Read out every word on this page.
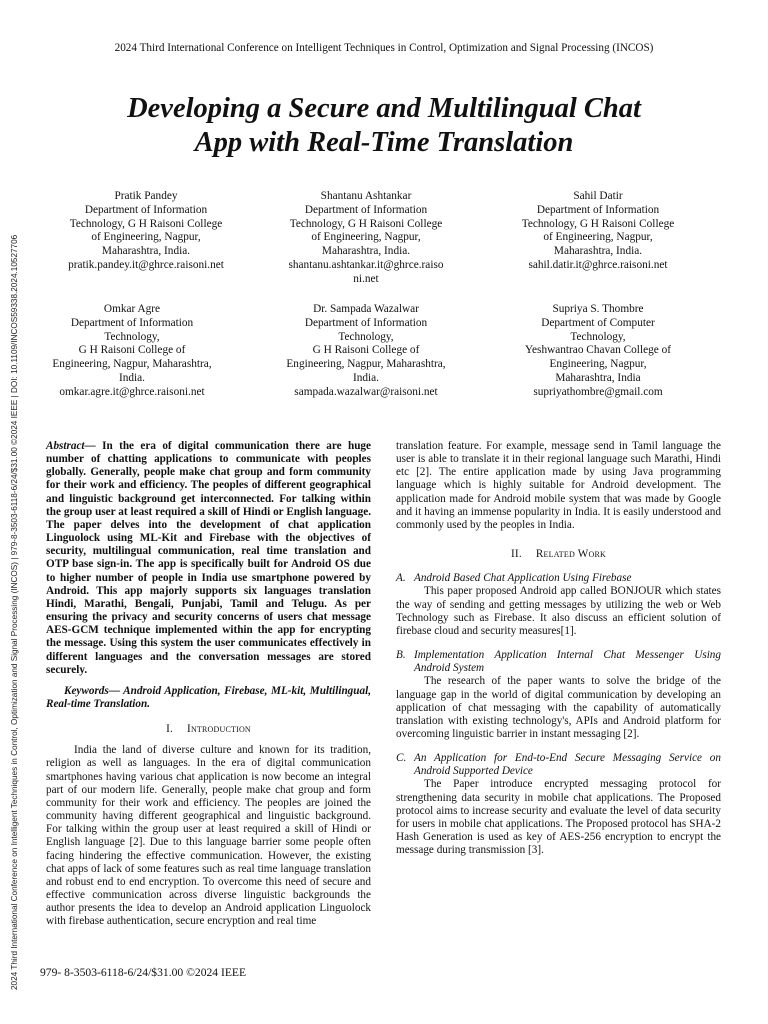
2024 Third International Conference on Intelligent Techniques in Control, Optimization and Signal Processing (INCOS) | 979-8-3503-6118-6/24/$31.00 ©2024 IEEE | DOI: 10.1109/INCOS59338.2024.10527706
2024 Third International Conference on Intelligent Techniques in Control, Optimization and Signal Processing (INCOS)
Developing a Secure and Multilingual Chat
App with Real-Time Translation
Pratik Pandey
Department of Information
Technology, G H Raisoni College
of Engineering, Nagpur,
Maharashtra, India.
pratik.pandey.it@ghrce.raisoni.net
Shantanu Ashtankar
Department of Information
Technology, G H Raisoni College
of Engineering, Nagpur,
Maharashtra, India.
shantanu.ashtankar.it@ghrce.raiso
ni.net
Sahil Datir
Department of Information
Technology, G H Raisoni College
of Engineering, Nagpur,
Maharashtra, India.
sahil.datir.it@ghrce.raisoni.net
Omkar Agre
Department of Information
Technology,
G H Raisoni College of
Engineering, Nagpur, Maharashtra,
India.
omkar.agre.it@ghrce.raisoni.net
Dr. Sampada Wazalwar
Department of Information
Technology,
G H Raisoni College of
Engineering, Nagpur, Maharashtra,
India.
sampada.wazalwar@raisoni.net
Supriya S. Thombre
Department of Computer
Technology,
Yeshwantrao Chavan College of
Engineering, Nagpur,
Maharashtra, India
supriyathombre@gmail.com

Abstract— In the era of digital communication there are huge number of chatting applications to communicate with peoples globally. Generally, people make chat group and form community for their work and efficiency. The peoples of different geographical and linguistic background get interconnected. For talking within the group user at least required a skill of Hindi or English language. The paper delves into the development of chat application Linguolock using ML-Kit and Firebase with the objectives of security, multilingual communication, real time translation and OTP base sign-in. The app is specifically built for Android OS due to higher number of people in India use smartphone powered by Android. This app majorly supports six languages translation Hindi, Marathi, Bengali, Punjabi, Tamil and Telugu. As per ensuring the privacy and security concerns of users chat message AES-GCM technique implemented within the app for encrypting the message. Using this system the user communicates effectively in different languages and the conversation messages are stored securely.

Keywords— Android Application, Firebase, ML-kit, Multilingual, Real-time Translation.

I. Introduction

India the land of diverse culture and known for its tradition, religion as well as languages. In the era of digital communication smartphones having various chat application is now become an integral part of our modern life. Generally, people make chat group and form community for their work and efficiency. The peoples are joined the community having different geographical and linguistic background. For talking within the group user at least required a skill of Hindi or English language [2]. Due to this language barrier some people often facing hindering the effective communication. However, the existing chat apps of lack of some features such as real time language translation and robust end to end encryption. To overcome this need of secure and effective communication across diverse linguistic backgrounds the author presents the idea to develop an Android application Linguolock with firebase authentication, secure encryption and real time

translation feature. For example, message send in Tamil language the user is able to translate it in their regional language such Marathi, Hindi etc [2]. The entire application made by using Java programming language which is highly suitable for Android development. The application made for Android mobile system that was made by Google and it having an immense popularity in India. It is easily understood and commonly used by the peoples in India.

II. Related Work

A. Android Based Chat Application Using Firebase

This paper proposed Android app called BONJOUR which states the way of sending and getting messages by utilizing the web or Web Technology such as Firebase. It also discuss an efficient solution of firebase cloud and security measures[1].

B. Implementation Application Internal Chat Messenger Using Android System

The research of the paper wants to solve the bridge of the language gap in the world of digital communication by developing an application of chat messaging with the capability of automatically translation with existing technology's, APIs and Android platform for overcoming linguistic barrier in instant messaging [2].

C. An Application for End-to-End Secure Messaging Service on Android Supported Device

The Paper introduce encrypted messaging protocol for strengthening data security in mobile chat applications. The Proposed protocol aims to increase security and evaluate the level of data security for users in mobile chat applications. The Proposed protocol has SHA-2 Hash Generation is used as key of AES-256 encryption to encrypt the message during transmission [3].

979- 8-3503-6118-6/24/$31.00 ©2024 IEEE
